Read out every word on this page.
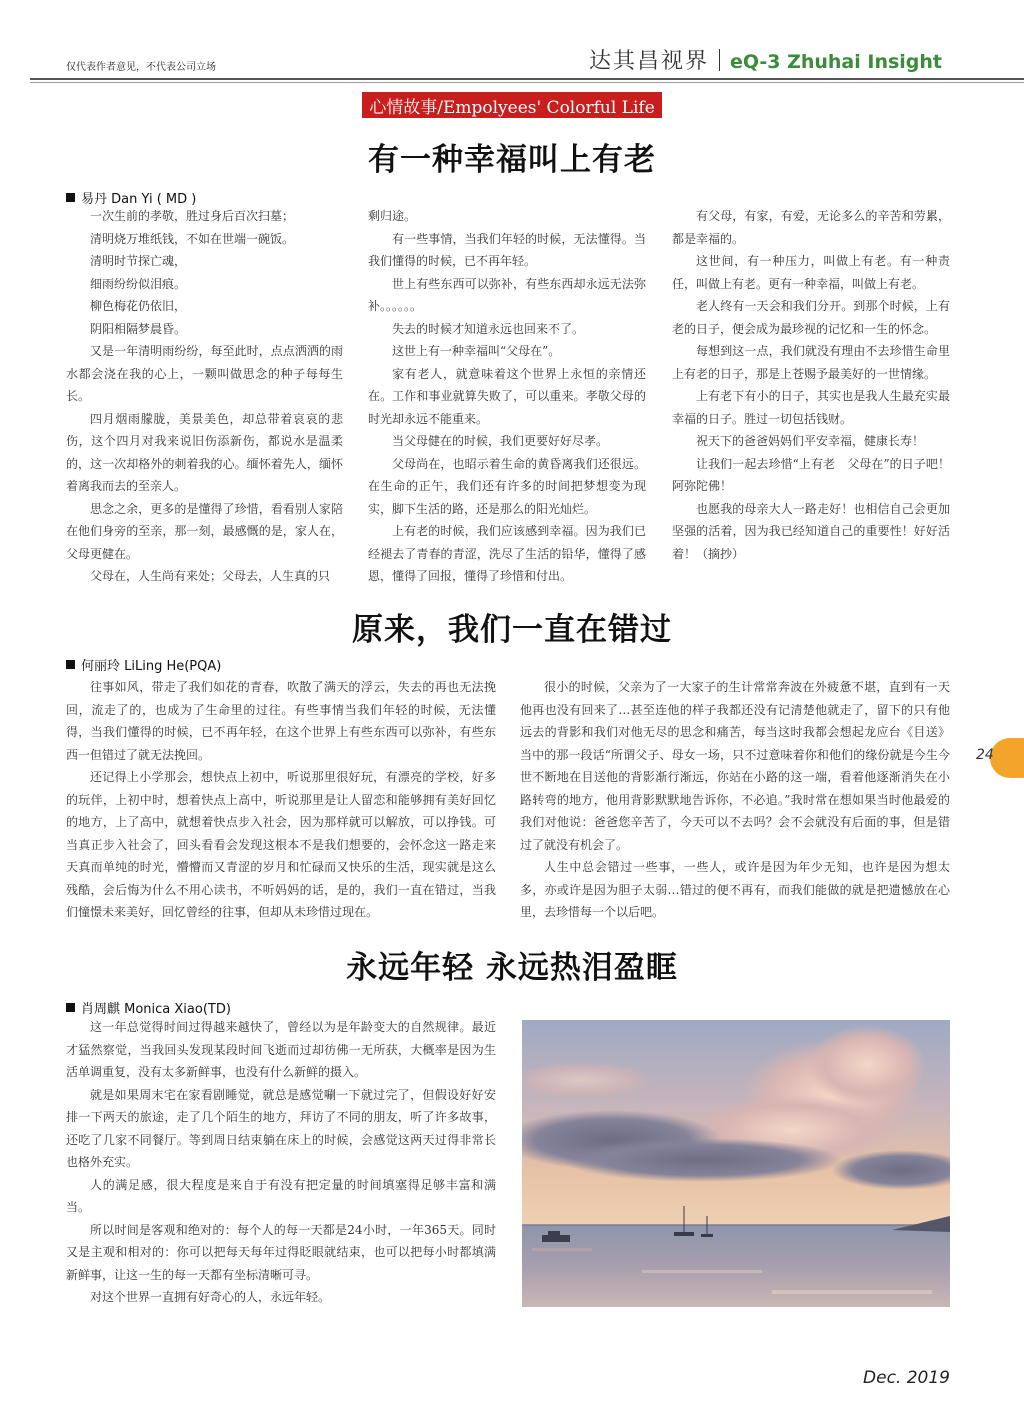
仅代表作者意见，不代表公司立场	达其昌视界 eQ-3 Zhuhai Insight
心情故事/Empolyees' Colorful Life
有一种幸福叫上有老
易丹 Dan Yi ( MD )

一次生前的孝敬，胜过身后百次扫墓；

清明烧万堆纸钱，不如在世端一碗饭。

清明时节探亡魂，

细雨纷纷似泪痕。

柳色梅花仍依旧，

阴阳相隔梦晨昏。

又是一年清明雨纷纷，每至此时，点点洒洒的雨水都会浇在我的心上，一颗叫做思念的种子每每生长。

四月烟雨朦胧，美景美色，却总带着哀哀的悲伤，这个四月对我来说旧伤添新伤，都说水是温柔的，这一次却格外的刺着我的心。缅怀着先人，缅怀着离我而去的至亲人。

思念之余，更多的是懂得了珍惜，看看别人家陪在他们身旁的至亲，那一刻，最感慨的是，家人在，父母更健在。

父母在，人生尚有来处；父母去，人生真的只

剩归途。

有一些事情，当我们年轻的时候，无法懂得。当我们懂得的时候，已不再年轻。

世上有些东西可以弥补，有些东西却永远无法弥补。。。。。。

失去的时候才知道永远也回来不了。

这世上有一种幸福叫“父母在”。

家有老人，就意味着这个世界上永恒的亲情还在。工作和事业就算失败了，可以重来。孝敬父母的时光却永远不能重来。

当父母健在的时候，我们更要好好尽孝。

父母尚在，也昭示着生命的黄昏离我们还很远。在生命的正午，我们还有许多的时间把梦想变为现实，脚下生活的路，还是那么的阳光灿烂。

上有老的时候，我们应该感到幸福。因为我们已经褪去了青春的青涩，洗尽了生活的铅华，懂得了感恩，懂得了回报，懂得了珍惜和付出。

有父母，有家，有爱，无论多么的辛苦和劳累，都是幸福的。

这世间，有一种压力，叫做上有老。有一种责任，叫做上有老。更有一种幸福，叫做上有老。

老人终有一天会和我们分开。到那个时候，上有老的日子，便会成为最珍视的记忆和一生的怀念。

每想到这一点，我们就没有理由不去珍惜生命里上有老的日子，那是上苍赐予最美好的一世情缘。

上有老下有小的日子，其实也是我人生最充实最幸福的日子。胜过一切包括钱财。

祝天下的爸爸妈妈们平安幸福，健康长寿！

让我们一起去珍惜“上有老　父母在”的日子吧！阿弥陀佛！

也愿我的母亲大人一路走好！也相信自己会更加坚强的活着，因为我已经知道自己的重要性！好好活着！（摘抄）

原来，我们一直在错过
何丽玲 LiLing He(PQA)

往事如风，带走了我们如花的青春，吹散了满天的浮云，失去的再也无法挽回，流走了的，也成为了生命里的过往。有些事情当我们年轻的时候，无法懂得，当我们懂得的时候，已不再年轻，在这个世界上有些东西可以弥补，有些东西一但错过了就无法挽回。

还记得上小学那会，想快点上初中，听说那里很好玩，有漂亮的学校，好多的玩伴，上初中时，想着快点上高中，听说那里是让人留恋和能够拥有美好回忆的地方，上了高中，就想着快点步入社会，因为那样就可以解放，可以挣钱。可当真正步入社会了，回头看看会发现这根本不是我们想要的，会怀念这一路走来天真而单纯的时光，懵懵而又青涩的岁月和忙碌而又快乐的生活，现实就是这么残酷，会后悔为什么不用心读书，不听妈妈的话，是的，我们一直在错过，当我们憧憬未来美好，回忆曾经的往事，但却从未珍惜过现在。

很小的时候，父亲为了一大家子的生计常常奔波在外疲惫不堪，直到有一天他再也没有回来了…甚至连他的样子我都还没有记清楚他就走了，留下的只有他远去的背影和我们对他无尽的思念和痛苦，每当这时我都会想起龙应台《目送》当中的那一段话“所谓父子、母女一场，只不过意味着你和他们的缘份就是今生今世不断地在目送他的背影渐行渐远，你站在小路的这一端，看着他逐渐消失在小路转弯的地方，他用背影默默地告诉你，不必追。”我时常在想如果当时他最爱的我们对他说：爸爸您辛苦了，今天可以不去吗？会不会就没有后面的事，但是错过了就没有机会了。

人生中总会错过一些事，一些人，或许是因为年少无知，也许是因为想太多，亦或许是因为胆子太弱…错过的便不再有，而我们能做的就是把遗憾放在心里，去珍惜每一个以后吧。

永远年轻 永远热泪盈眶
肖周麒 Monica Xiao(TD)

这一年总觉得时间过得越来越快了，曾经以为是年龄变大的自然规律。最近才猛然察觉，当我回头发现某段时间飞逝而过却彷佛一无所获，大概率是因为生活单调重复，没有太多新鲜事，也没有什么新鲜的摄入。

就是如果周末宅在家看剧睡觉，就总是感觉唰一下就过完了，但假设好好安排一下两天的旅途，走了几个陌生的地方，拜访了不同的朋友，听了许多故事，还吃了几家不同餐厅。等到周日结束躺在床上的时候，会感觉这两天过得非常长也格外充实。

人的满足感，很大程度是来自于有没有把定量的时间填塞得足够丰富和满当。

所以时间是客观和绝对的：每个人的每一天都是24小时，一年365天。同时又是主观和相对的：你可以把每天每年过得眨眼就结束，也可以把每小时都填满新鲜事，让这一生的每一天都有坐标清晰可寻。

对这个世界一直拥有好奇心的人，永远年轻。

24
Dec. 2019
